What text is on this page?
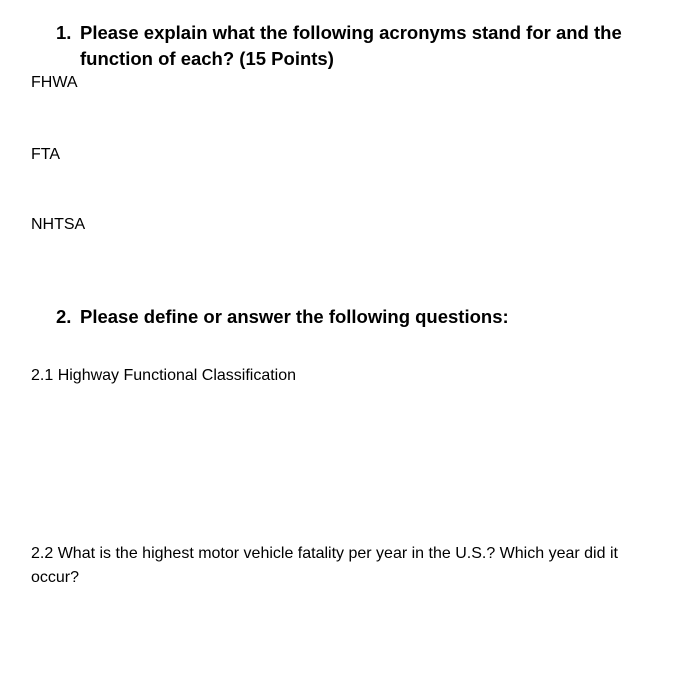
1. Please explain what the following acronyms stand for and the
function of each? (15 Points)

FHWA

FTA

NHTSA

2. Please define or answer the following questions:

2.1 Highway Functional Classification

2.2 What is the highest motor vehicle fatality per year in the U.S.? Which year did it occur?
